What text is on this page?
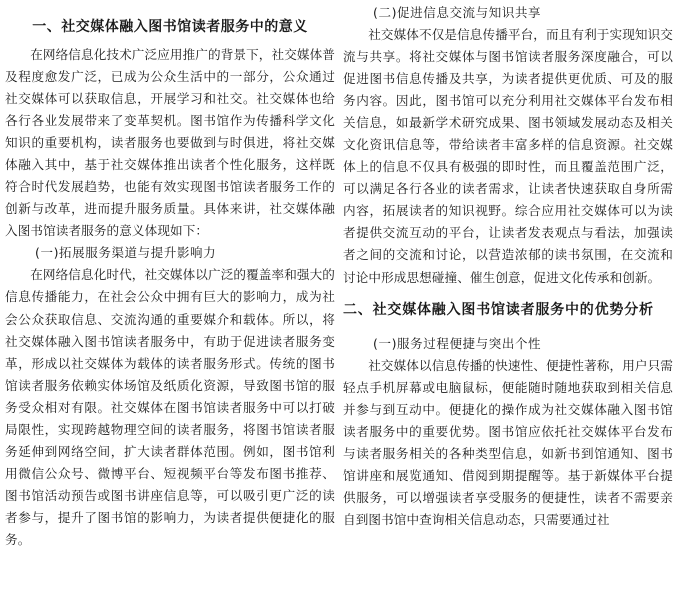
一、社交媒体融入图书馆读者服务中的意义

在网络信息化技术广泛应用推广的背景下，社交媒体普及程度愈发广泛，已成为公众生活中的一部分，公众通过社交媒体可以获取信息，开展学习和社交。社交媒体也给各行各业发展带来了变革契机。图书馆作为传播科学文化知识的重要机构，读者服务也要做到与时俱进，将社交媒体融入其中，基于社交媒体推出读者个性化服务，这样既符合时代发展趋势，也能有效实现图书馆读者服务工作的创新与改革，进而提升服务质量。具体来讲，社交媒体融入图书馆读者服务的意义体现如下：

(一)拓展服务渠道与提升影响力

在网络信息化时代，社交媒体以广泛的覆盖率和强大的信息传播能力，在社会公众中拥有巨大的影响力，成为社会公众获取信息、交流沟通的重要媒介和载体。所以，将社交媒体融入图书馆读者服务中，有助于促进读者服务变革，形成以社交媒体为载体的读者服务形式。传统的图书馆读者服务依赖实体场馆及纸质化资源，导致图书馆的服务受众相对有限。社交媒体在图书馆读者服务中可以打破局限性，实现跨越物理空间的读者服务，将图书馆读者服务延伸到网络空间，扩大读者群体范围。例如，图书馆利用微信公众号、微博平台、短视频平台等发布图书推荐、图书馆活动预告或图书讲座信息等，可以吸引更广泛的读者参与，提升了图书馆的影响力，为读者提供便捷化的服务。

(二)促进信息交流与知识共享

社交媒体不仅是信息传播平台，而且有利于实现知识交流与共享。将社交媒体与图书馆读者服务深度融合，可以促进图书信息传播及共享，为读者提供更优质、可及的服务内容。因此，图书馆可以充分利用社交媒体平台发布相关信息，如最新学术研究成果、图书领域发展动态及相关文化资讯信息等，带给读者丰富多样的信息资源。社交媒体上的信息不仅具有极强的即时性，而且覆盖范围广泛，可以满足各行各业的读者需求，让读者快速获取自身所需内容，拓展读者的知识视野。综合应用社交媒体可以为读者提供交流互动的平台，让读者发表观点与看法，加强读者之间的交流和讨论，以营造浓郁的读书氛围，在交流和讨论中形成思想碰撞、催生创意，促进文化传承和创新。

二、社交媒体融入图书馆读者服务中的优势分析
(一)服务过程便捷与突出个性

社交媒体以信息传播的快速性、便捷性著称，用户只需轻点手机屏幕或电脑鼠标，便能随时随地获取到相关信息并参与到互动中。便捷化的操作成为社交媒体融入图书馆读者服务中的重要优势。图书馆应依托社交媒体平台发布与读者服务相关的各种类型信息，如新书到馆通知、图书馆讲座和展览通知、借阅到期提醒等。基于新媒体平台提供服务，可以增强读者享受服务的便捷性，读者不需要亲自到图书馆中查询相关信息动态，只需要通过社
